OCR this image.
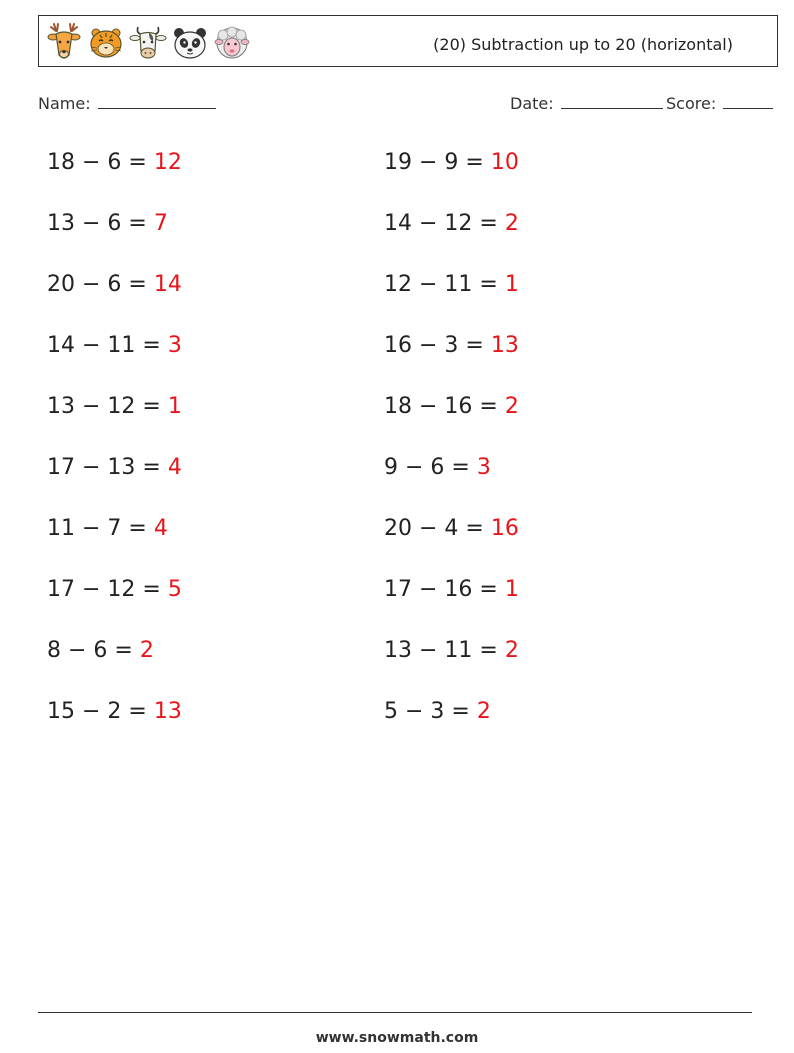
(20) Subtraction up to 20 (horizontal)
Name:	Date:	Score:
18 − 6 = 12
13 − 6 = 7
20 − 6 = 14
14 − 11 = 3
13 − 12 = 1
17 − 13 = 4
11 − 7 = 4
17 − 12 = 5
8 − 6 = 2
15 − 2 = 13
19 − 9 = 10
14 − 12 = 2
12 − 11 = 1
16 − 3 = 13
18 − 16 = 2
9 − 6 = 3
20 − 4 = 16
17 − 16 = 1
13 − 11 = 2
5 − 3 = 2
www.snowmath.com
